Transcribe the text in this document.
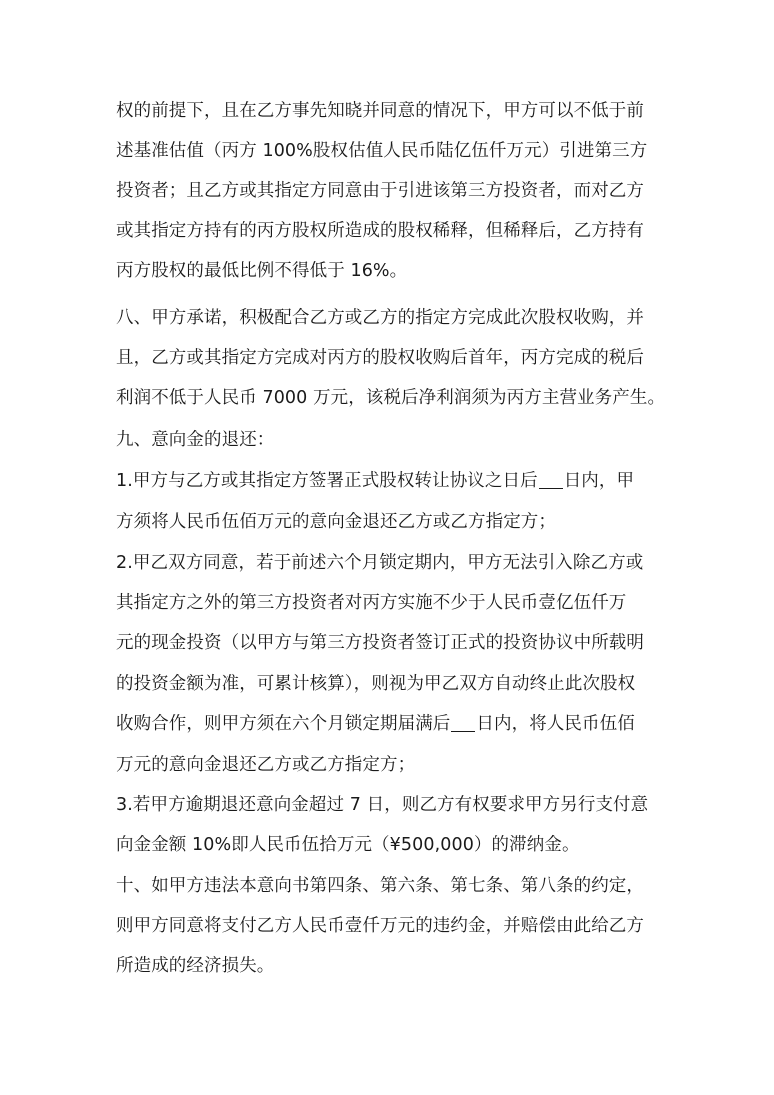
权的前提下，且在乙方事先知晓并同意的情况下，甲方可以不低于前
述基准估值（丙方 100%股权估值人民币陆亿伍仟万元）引进第三方
投资者；且乙方或其指定方同意由于引进该第三方投资者，而对乙方
或其指定方持有的丙方股权所造成的股权稀释，但稀释后，乙方持有
丙方股权的最低比例不得低于 16%。
八、甲方承诺，积极配合乙方或乙方的指定方完成此次股权收购，并
且，乙方或其指定方完成对丙方的股权收购后首年，丙方完成的税后
利润不低于人民币 7000 万元，该税后净利润须为丙方主营业务产生。
九、意向金的退还：
1.甲方与乙方或其指定方签署正式股权转让协议之日后 日内，甲
方须将人民币伍佰万元的意向金退还乙方或乙方指定方；
2.甲乙双方同意，若于前述六个月锁定期内，甲方无法引入除乙方或
其指定方之外的第三方投资者对丙方实施不少于人民币壹亿伍仟万
元的现金投资（以甲方与第三方投资者签订正式的投资协议中所载明
的投资金额为准，可累计核算），则视为甲乙双方自动终止此次股权
收购合作，则甲方须在六个月锁定期届满后 日内，将人民币伍佰
万元的意向金退还乙方或乙方指定方；
3.若甲方逾期退还意向金超过 7 日，则乙方有权要求甲方另行支付意
向金金额 10%即人民币伍拾万元（¥500,000）的滞纳金。
十、如甲方违法本意向书第四条、第六条、第七条、第八条的约定，
则甲方同意将支付乙方人民币壹仟万元的违约金，并赔偿由此给乙方
所造成的经济损失。
